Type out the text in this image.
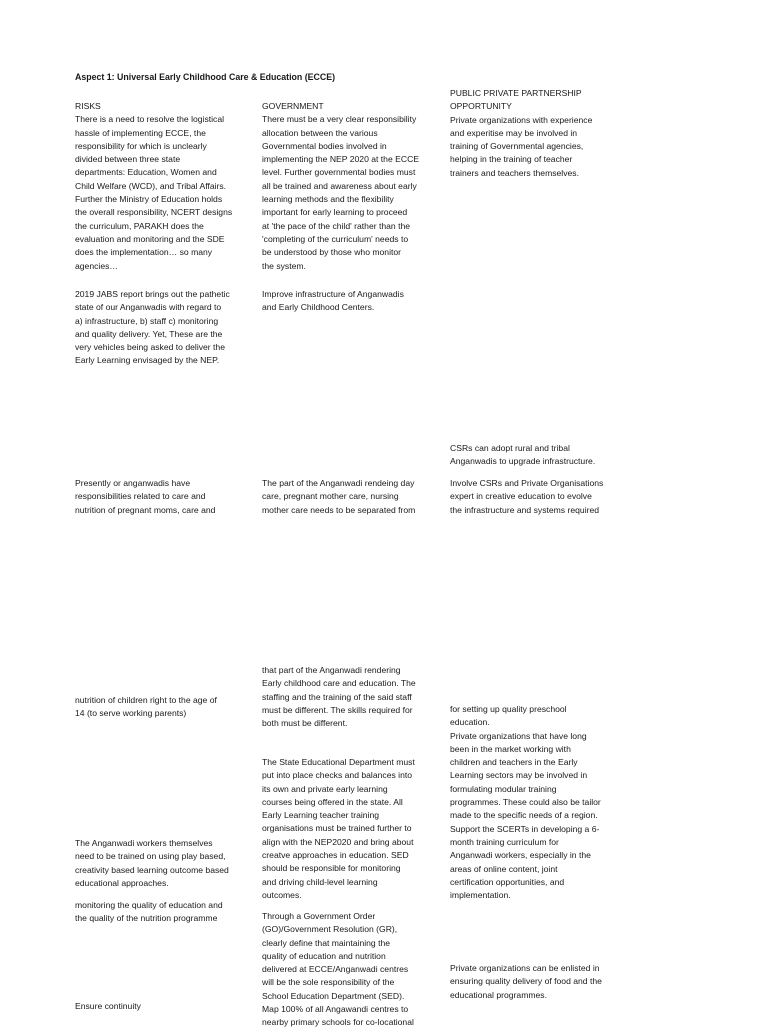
Aspect 1: Universal Early Childhood Care & Education (ECCE)
PUBLIC PRIVATE PARTNERSHIP
OPPORTUNITY
Private organizations with experience
and experitise may be involved in
training of Governmental agencies,
helping in the training of teacher
trainers and teachers themselves.
RISKS
There is a need to resolve the logistical
hassle of implementing ECCE, the
responsibility for which is unclearly
divided between three state
departments: Education, Women and
Child Welfare (WCD), and Tribal Affairs.
Further the Ministry of Education holds
the overall responsibility, NCERT designs
the curriculum, PARAKH does the
evaluation and monitoring and the SDE
does the implementation… so many
agencies…
GOVERNMENT
There must be a very clear responsibility
allocation between the various
Governmental bodies involved in
implementing the NEP 2020 at the ECCE
level. Further governmental bodies must
all be trained and awareness about early
learning methods and the flexibility
important for early learning to proceed
at 'the pace of the child' rather than the
'completing of the curriculum' needs to
be understood by those who monitor
the system.
2019 JABS report brings out the pathetic
state of our Anganwadis with regard to
a) infrastructure, b) staff c) monitoring
and quality delivery. Yet, These are the
very vehicles being asked to deliver the
Early Learning envisaged by the NEP.
Improve infrastructure of Anganwadis
and Early Childhood Centers.
CSRs can adopt rural and tribal
Anganwadis to upgrade infrastructure.
Presently or anganwadis have
responsibilities related to care and
nutrition of pregnant moms, care and
The part of the Anganwadi rendeing day
care, pregnant mother care, nursing
mother care needs to be separated from
Involve CSRs and Private Organisations
expert in creative education to evolve
the infrastructure and systems required
that part of the Anganwadi rendering
Early childhood care and education. The
staffing and the training of the said staff
must be different. The skills required for
both must be different.
nutrition of children right to the age of
14 (to serve working parents)	for setting up quality preschool
education.
Private organizations that have long
been in the market working with
children and teachers in the Early
Learning sectors may be involved in
formulating modular training
programmes. These could also be tailor
made to the specific needs of a region.
Support the SCERTs in developing a 6-
month training curriculum for
Anganwadi workers, especially in the
areas of online content, joint
certification opportunities, and
implementation.
The State Educational Department must
put into place checks and balances into
its own and private early learning
courses being offered in the state. All
Early Learning teacher training
organisations must be trained further to
align with the NEP2020 and bring about
creatve approaches in education. SED
should be responsible for monitoring
and driving child-level learning
outcomes.
The Anganwadi workers themselves
need to be trained on using play based,
creativity based learning outcome based
educational approaches.
monitoring the quality of education and
the quality of the nutrition programme	Through a Government Order
(GO)/Government Resolution (GR),
clearly define that maintaining the
quality of education and nutrition
delivered at ECCE/Anganwadi centres
will be the sole responsibility of the
School Education Department (SED).
Map 100% of all Angawandi centres to
nearby primary schools for co-locational
Private organizations can be enlisted in
ensuring quality delivery of food and the
educational programmes.
Ensure continuity
